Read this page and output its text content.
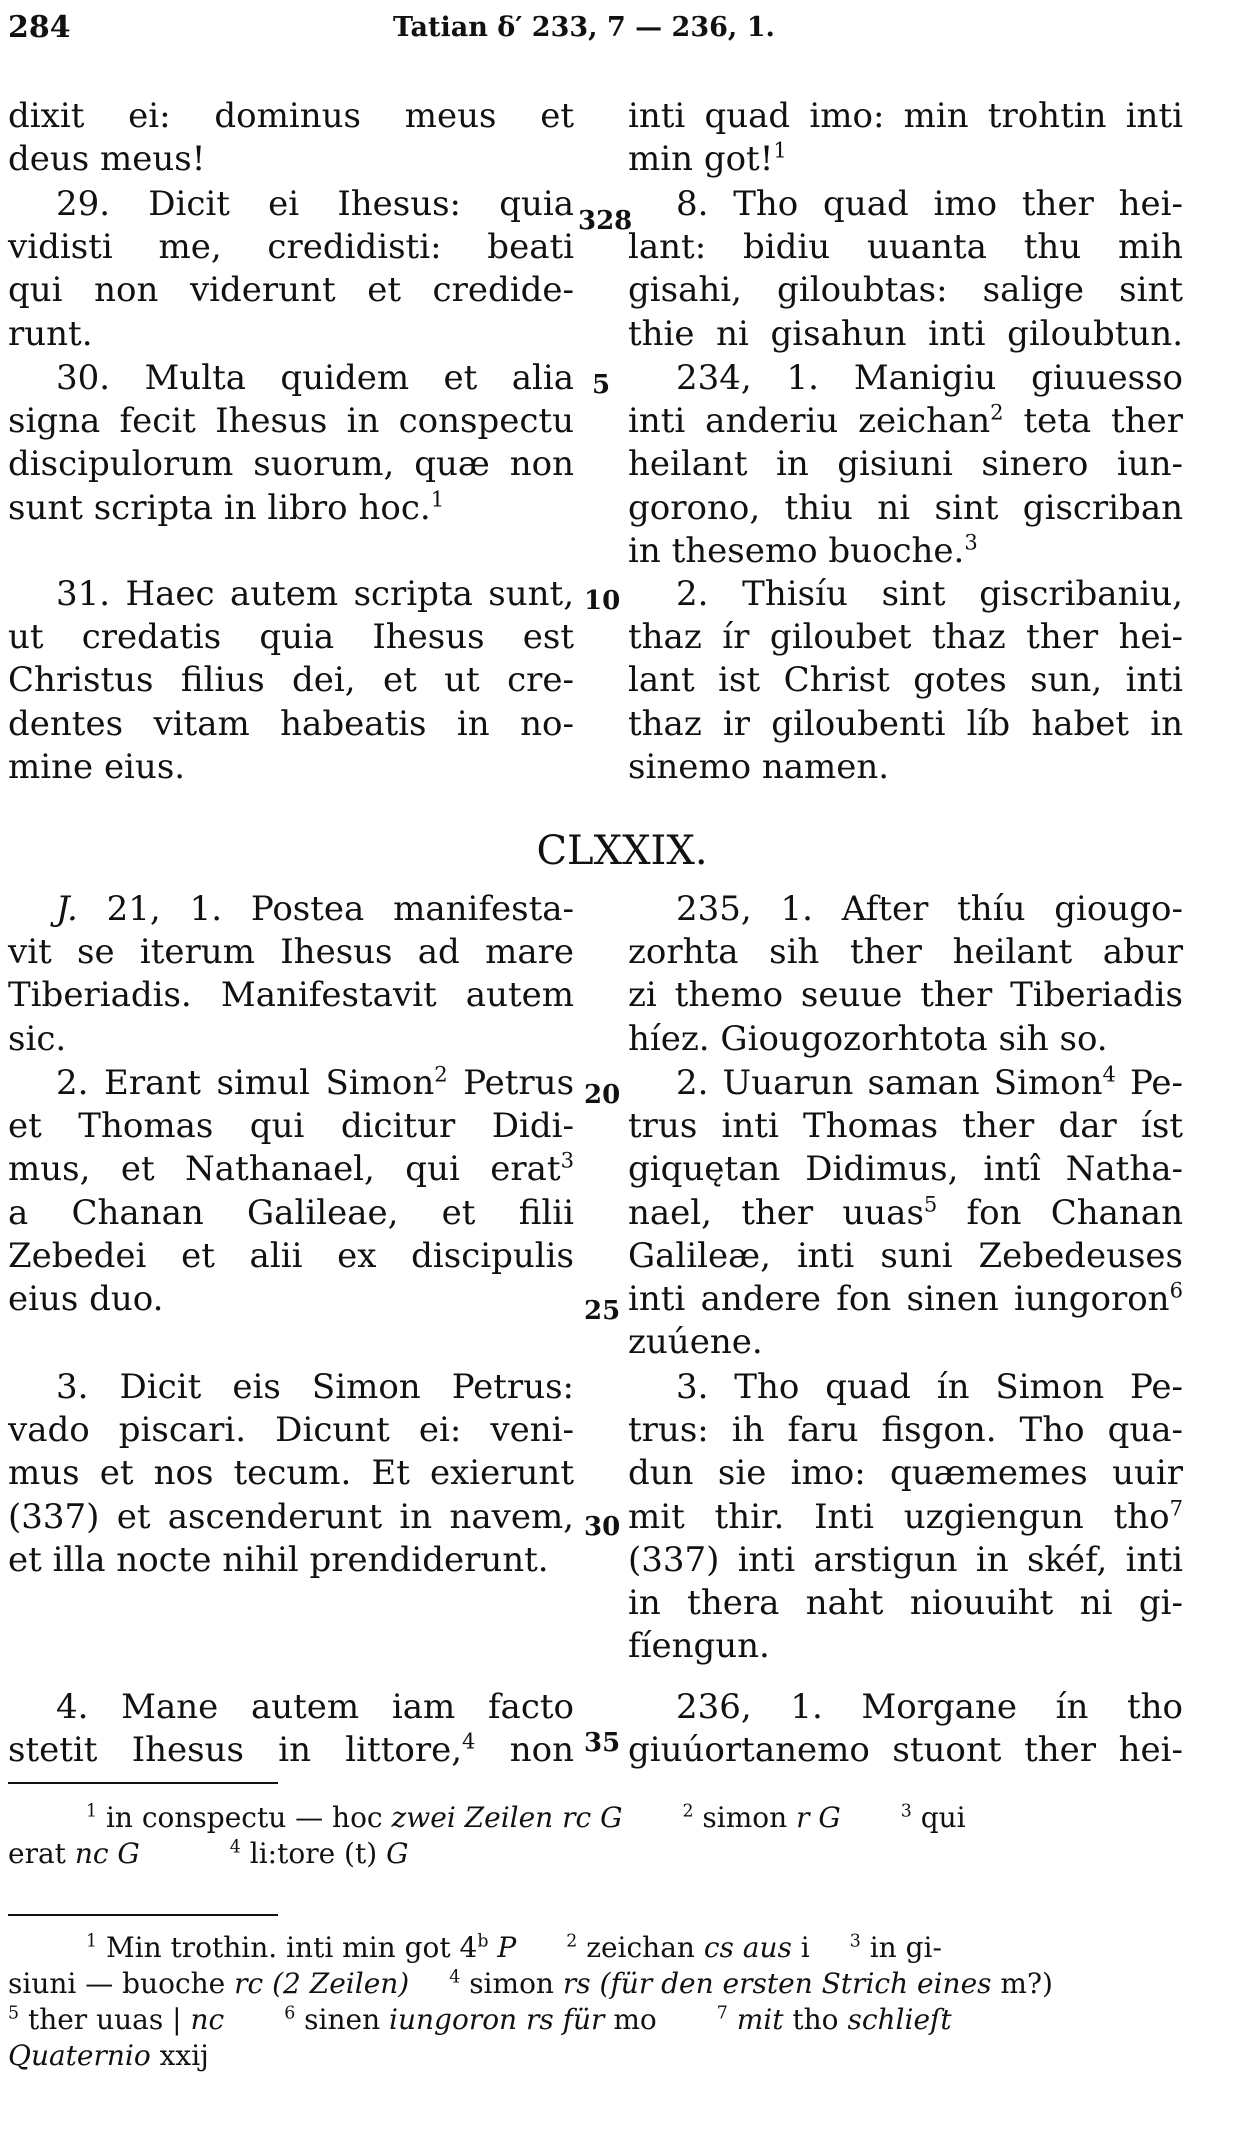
284	Tatian δ′ 233, 7 — 236, 1.
328
5
10
20
25
30
35
dixit ei: dominus meus et
deus meus!
29. Dicit ei Ihesus: quia
vidisti me, credidisti: beati
qui non viderunt et credide-
runt.
30. Multa quidem et alia
signa fecit Ihesus in conspectu
discipulorum suorum, quæ non
sunt scripta in libro hoc.$^1$
31. Haec autem scripta sunt,
ut credatis quia Ihesus est
Christus filius dei, et ut cre-
dentes vitam habeatis in no-
mine eius.
inti quad imo: min trohtin inti
min got!$^1$
8. Tho quad imo ther hei-
lant: bidiu uuanta thu mih
gisahi, giloubtas: salige sint
thie ni gisahun inti giloubtun.
234, 1. Manigiu giuuesso
inti anderiu zeichan$^2$ teta ther
heilant in gisiuni sinero iun-
gorono, thiu ni sint giscriban
in thesemo buoche.$^3$
2. Thisíu sint giscribaniu,
thaz ír giloubet thaz ther hei-
lant ist Christ gotes sun, inti
thaz ir giloubenti líb habet in
sinemo namen.
CLXXIX.
J. 21, 1. Postea manifesta-
vit se iterum Ihesus ad mare
Tiberiadis. Manifestavit autem
sic.
2. Erant simul Simon$^2$ Petrus
et Thomas qui dicitur Didi-
mus, et Nathanael, qui erat$^3$
a Chanan Galileae, et filii
Zebedei et alii ex discipulis
eius duo.
3. Dicit eis Simon Petrus:
vado piscari. Dicunt ei: veni-
mus et nos tecum. Et exierunt
(337) et ascenderunt in navem,
et illa nocte nihil prendiderunt.
4. Mane autem iam facto
stetit Ihesus in littore,$^4$ non
235, 1. After thíu giougo-
zorhta sih ther heilant abur
zi themo seuue ther Tiberiadis
híez. Giougozorhtota sih so.
2. Uuarun saman Simon$^4$ Pe-
trus inti Thomas ther dar íst
giquętan Didimus, intî Natha-
nael, ther uuas$^5$ fon Chanan
Galileæ, inti suni Zebedeuses
inti andere fon sinen iungoron$^6$
zuúene.
3. Tho quad ín Simon Pe-
trus: ih faru fisgon. Tho qua-
dun sie imo: quæmemes uuir
mit thir. Inti uzgiengun tho$^7$
(337) inti arstigun in skéf, inti
in thera naht niouuiht ni gi-
fíengun.
236, 1. Morgane ín tho
giuúortanemo stuont ther hei-
$^1$ in conspectu — hoc zwei Zeilen rc G	$^2$ simon r G	$^3$ qui
erat nc G	$^4$ li:tore (t) G
$^1$ Min trothin. inti min got 4$^b$ P	$^2$ zeichan cs aus i $^3$ in gi-
siuni — buoche rc (2 Zeilen) $^4$ simon rs (für den ersten Strich eines m?)
$^5$ ther uuas | nc	$^6$ sinen iungoron rs für mo	$^7$ mit tho schlieſt
Quaternio xxij
